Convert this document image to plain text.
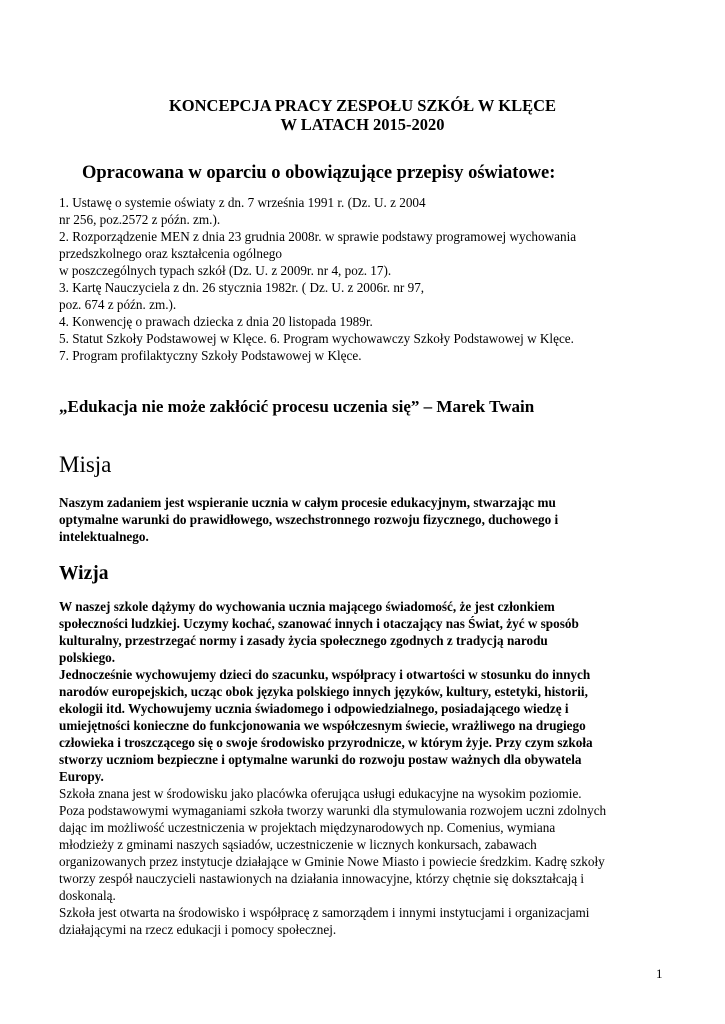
KONCEPCJA PRACY ZESPOŁU SZKÓŁ W KLĘCE

W LATACH 2015-2020

Opracowana w oparciu o obowiązujące przepisy oświatowe:

1. Ustawę o systemie oświaty z dn. 7 września 1991 r. (Dz. U. z 2004
nr 256, poz.2572 z późn. zm.).
2. Rozporządzenie MEN z dnia 23 grudnia 2008r. w sprawie podstawy programowej wychowania
przedszkolnego oraz kształcenia ogólnego
w poszczególnych typach szkół (Dz. U. z 2009r. nr 4, poz. 17).
3. Kartę Nauczyciela z dn. 26 stycznia 1982r. ( Dz. U. z 2006r. nr 97,
poz. 674 z późn. zm.).
4. Konwencję o prawach dziecka z dnia 20 listopada 1989r.
5. Statut Szkoły Podstawowej w Klęce. 6. Program wychowawczy Szkoły Podstawowej w Klęce.
7. Program profilaktyczny Szkoły Podstawowej w Klęce.

„Edukacja nie może zakłócić procesu uczenia się” – Marek Twain

Misja

Naszym zadaniem jest wspieranie ucznia w całym procesie edukacyjnym, stwarzając mu
optymalne warunki do prawidłowego, wszechstronnego rozwoju fizycznego, duchowego i
intelektualnego.

Wizja

W naszej szkole dążymy do wychowania ucznia mającego świadomość, że jest członkiem
społeczności ludzkiej. Uczymy kochać, szanować innych i otaczający nas Świat, żyć w sposób
kulturalny, przestrzegać normy i zasady życia społecznego zgodnych z tradycją narodu
polskiego.
Jednocześnie wychowujemy dzieci do szacunku, współpracy i otwartości w stosunku do innych
narodów europejskich, ucząc obok języka polskiego innych języków, kultury, estetyki, historii,
ekologii itd. Wychowujemy ucznia świadomego i odpowiedzialnego, posiadającego wiedzę i
umiejętności konieczne do funkcjonowania we współczesnym świecie, wrażliwego na drugiego
człowieka i troszczącego się o swoje środowisko przyrodnicze, w którym żyje. Przy czym szkoła
stworzy uczniom bezpieczne i optymalne warunki do rozwoju postaw ważnych dla obywatela
Europy.
Szkoła znana jest w środowisku jako placówka oferująca usługi edukacyjne na wysokim poziomie.
Poza podstawowymi wymaganiami szkoła tworzy warunki dla stymulowania rozwojem uczni zdolnych
dając im możliwość uczestniczenia w projektach międzynarodowych np. Comenius, wymiana
młodzieży z gminami naszych sąsiadów, uczestniczenie w licznych konkursach, zabawach
organizowanych przez instytucje działające w Gminie Nowe Miasto i powiecie średzkim. Kadrę szkoły
tworzy zespół nauczycieli nastawionych na działania innowacyjne, którzy chętnie się dokształcają i
doskonalą.
Szkoła jest otwarta na środowisko i współpracę z samorządem i innymi instytucjami i organizacjami
działającymi na rzecz edukacji i pomocy społecznej.

1
